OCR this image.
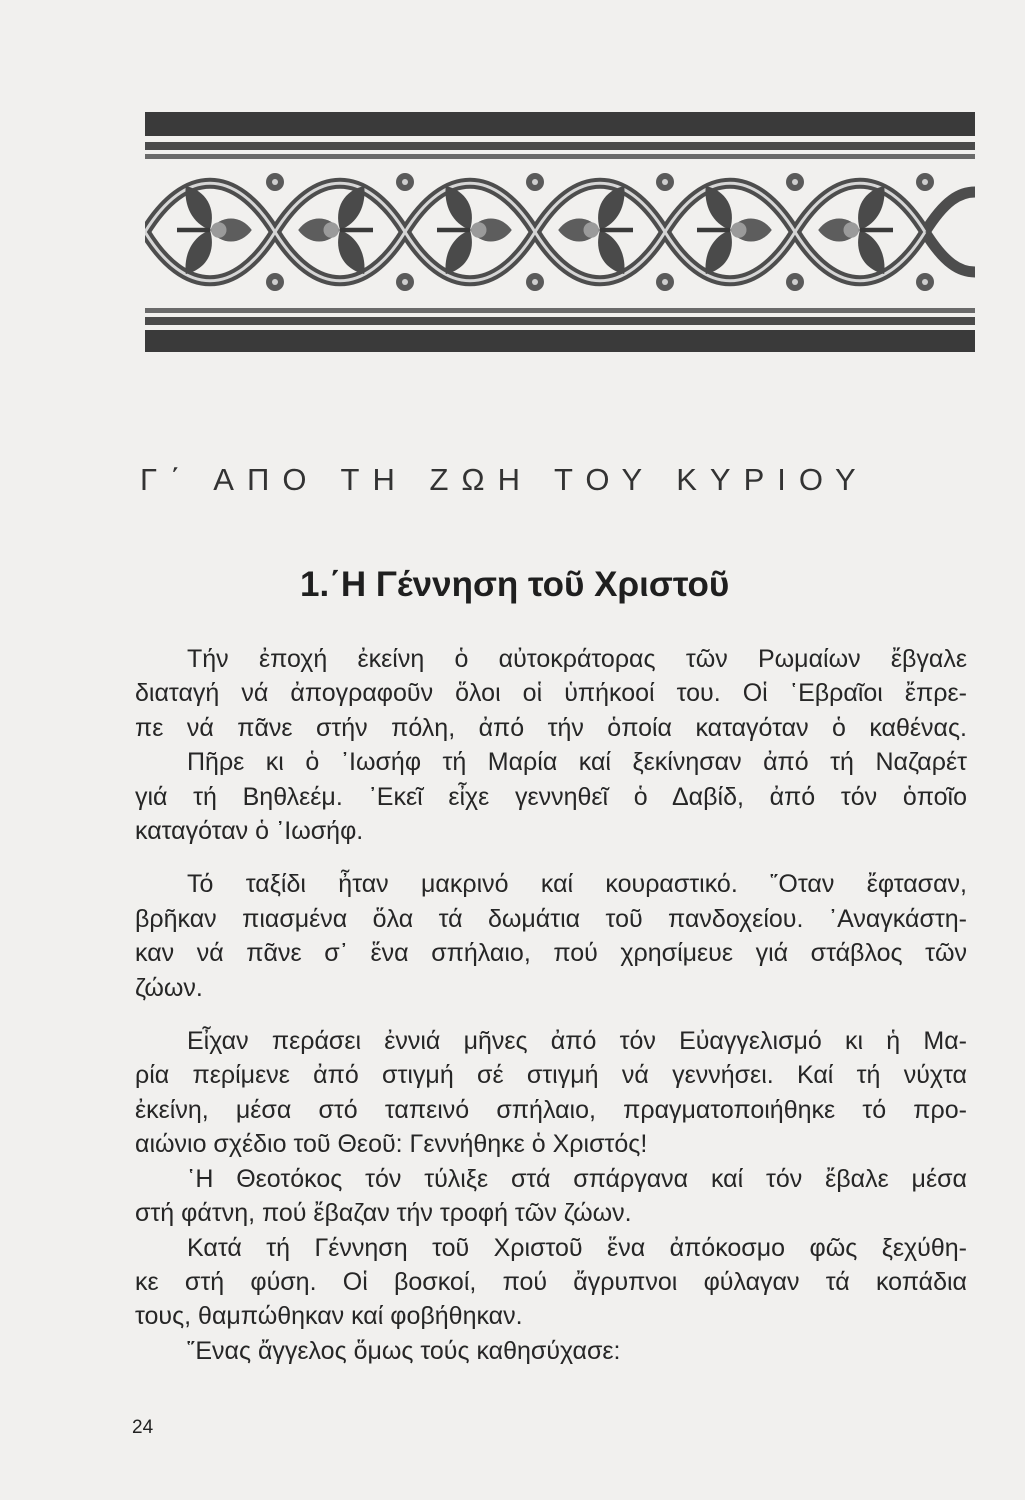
Γ΄ ΑΠΟ ΤΗ ΖΩΗ ΤΟΥ ΚΥΡΙΟΥ
1.΄Η Γέννηση τοῦ Χριστοῦ
Τήν ἐποχή ἐκείνη ὁ αὐτοκράτορας τῶν Ρωμαίων ἔβγαλε
διαταγή νά ἀπογραφοῦν ὅλοι οἱ ὑπήκοοί του. Οἱ ῾Εβραῖοι ἔπρε-
πε νά πᾶνε στήν πόλη, ἀπό τήν ὁποία καταγόταν ὁ καθένας.
Πῆρε κι ὁ ᾿Ιωσήφ τή Μαρία καί ξεκίνησαν ἀπό τή Ναζαρέτ
γιά τή Βηθλεέμ. ᾿Εκεῖ εἶχε γεννηθεῖ ὁ Δαβίδ, ἀπό τόν ὁποῖο
καταγόταν ὁ ᾿Ιωσήφ.
Τό ταξίδι ἦταν μακρινό καί κουραστικό. ῞Οταν ἔφτασαν,
βρῆκαν πιασμένα ὅλα τά δωμάτια τοῦ πανδοχείου. ᾿Αναγκάστη-
καν νά πᾶνε σ᾿ ἕνα σπήλαιο, πού χρησίμευε γιά στάβλος τῶν
ζώων.
Εἶχαν περάσει ἐννιά μῆνες ἀπό τόν Εὐαγγελισμό κι ἡ Μα-
ρία περίμενε ἀπό στιγμή σέ στιγμή νά γεννήσει. Καί τή νύχτα
ἐκείνη, μέσα στό ταπεινό σπήλαιο, πραγματοποιήθηκε τό προ-
αιώνιο σχέδιο τοῦ Θεοῦ: Γεννήθηκε ὁ Χριστός!
῾Η Θεοτόκος τόν τύλιξε στά σπάργανα καί τόν ἔβαλε μέσα
στή φάτνη, πού ἔβαζαν τήν τροφή τῶν ζώων.
Κατά τή Γέννηση τοῦ Χριστοῦ ἕνα ἀπόκοσμο φῶς ξεχύθη-
κε στή φύση. Οἱ βοσκοί, πού ἄγρυπνοι φύλαγαν τά κοπάδια
τους, θαμπώθηκαν καί φοβήθηκαν.
῞Ενας ἄγγελος ὅμως τούς καθησύχασε:
24
